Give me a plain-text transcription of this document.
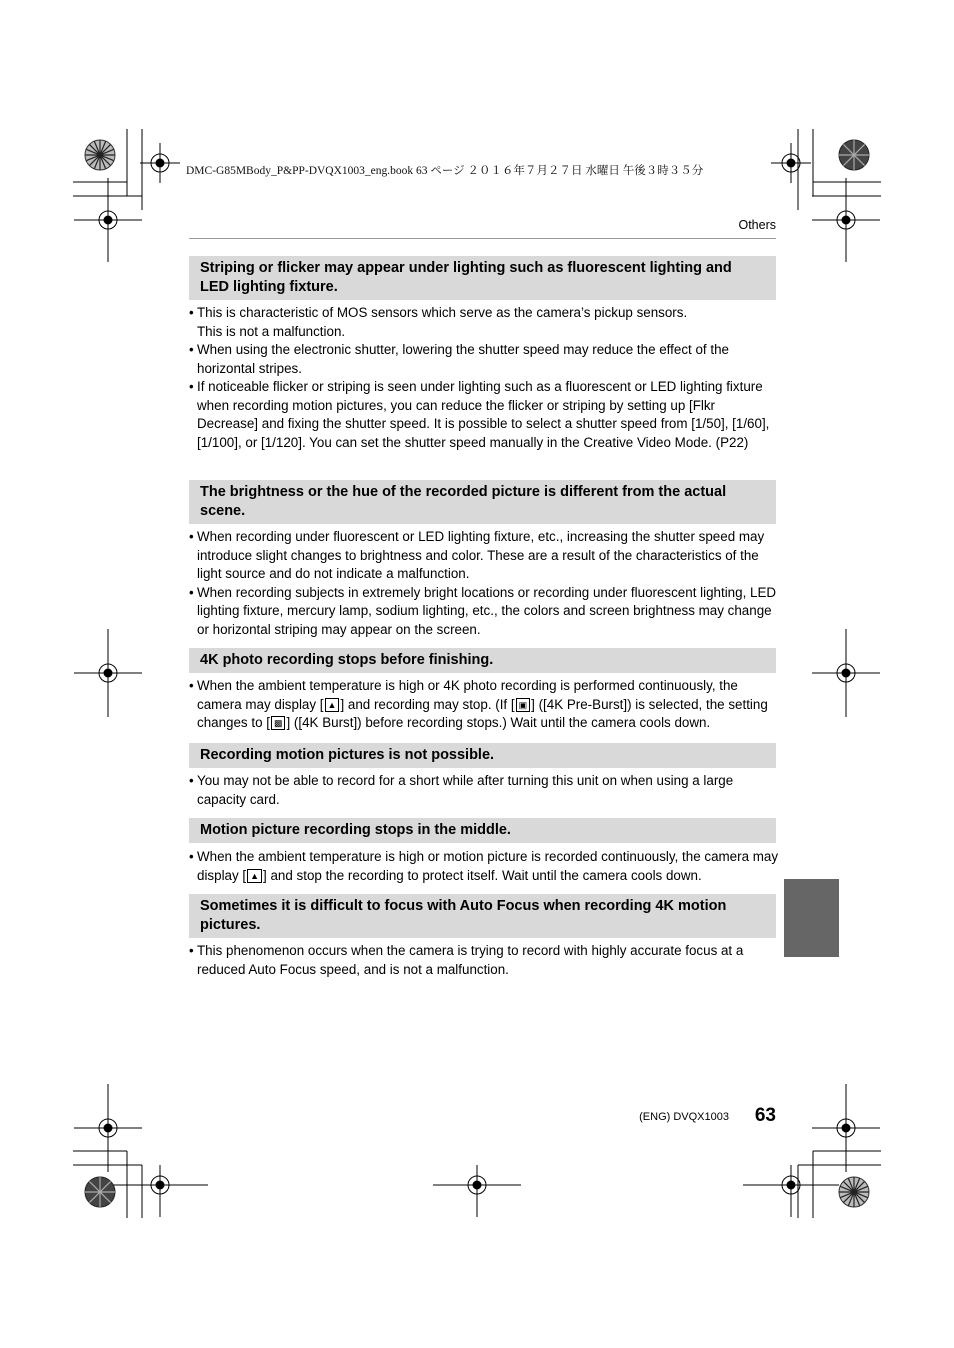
DMC-G85MBody_P&PP-DVQX1003_eng.book 63 ページ ２０１６年７月２７日 水曜日 午後３時３５分
Others
Striping or flicker may appear under lighting such as fluorescent lighting and LED lighting fixture.
• This is characteristic of MOS sensors which serve as the camera’s pickup sensors.
This is not a malfunction.
• When using the electronic shutter, lowering the shutter speed may reduce the effect of the horizontal stripes.
• If noticeable flicker or striping is seen under lighting such as a fluorescent or LED lighting fixture when recording motion pictures, you can reduce the flicker or striping by setting up [Flkr Decrease] and fixing the shutter speed. It is possible to select a shutter speed from [1/50], [1/60], [1/100], or [1/120]. You can set the shutter speed manually in the Creative Video Mode. (P22)
The brightness or the hue of the recorded picture is different from the actual scene.
• When recording under fluorescent or LED lighting fixture, etc., increasing the shutter speed may introduce slight changes to brightness and color. These are a result of the characteristics of the light source and do not indicate a malfunction.
• When recording subjects in extremely bright locations or recording under fluorescent lighting, LED lighting fixture, mercury lamp, sodium lighting, etc., the colors and screen brightness may change or horizontal striping may appear on the screen.
4K photo recording stops before finishing.
• When the ambient temperature is high or 4K photo recording is performed continuously, the camera may display [ ▲ ] and recording may stop. (If [ ▣ ] ([4K Pre-Burst]) is selected, the setting changes to [ ▩ ] ([4K Burst]) before recording stops.) Wait until the camera cools down.
Recording motion pictures is not possible.
• You may not be able to record for a short while after turning this unit on when using a large capacity card.
Motion picture recording stops in the middle.
• When the ambient temperature is high or motion picture is recorded continuously, the camera may display [ ▲ ] and stop the recording to protect itself. Wait until the camera cools down.
Sometimes it is difficult to focus with Auto Focus when recording 4K motion pictures.
• This phenomenon occurs when the camera is trying to record with highly accurate focus at a reduced Auto Focus speed, and is not a malfunction.
(ENG) DVQX1003	63
